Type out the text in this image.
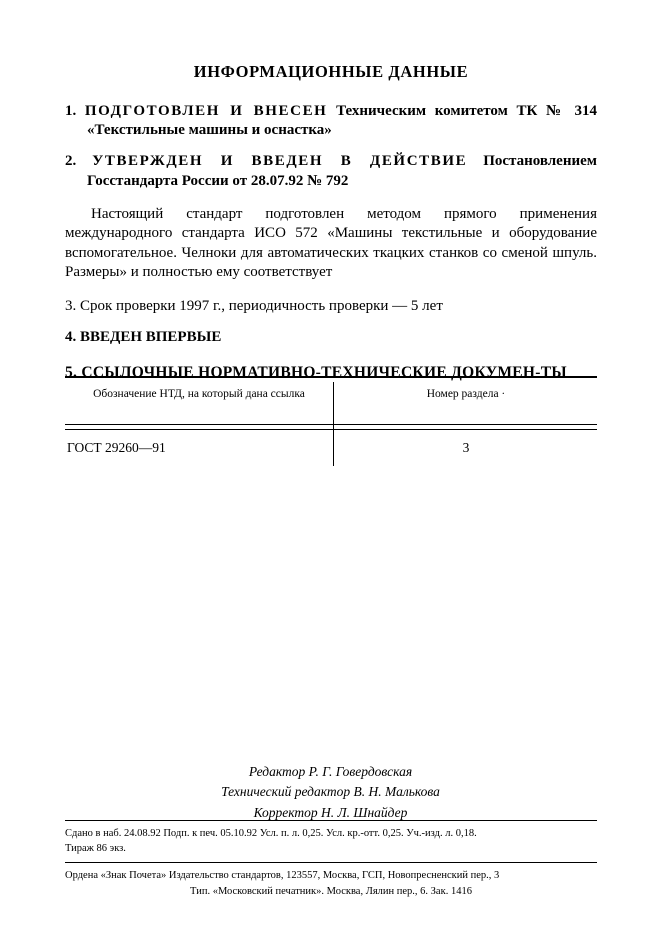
ИНФОРМАЦИОННЫЕ ДАННЫЕ
1. ПОДГОТОВЛЕН И ВНЕСЕН Техническим комитетом ТК № 314 «Текстильные машины и оснастка»
2. УТВЕРЖДЕН И ВВЕДЕН В ДЕЙСТВИЕ Постановлением Госстандарта России от 28.07.92 № 792
Настоящий стандарт подготовлен методом прямого применения международного стандарта ИСО 572 «Машины текстильные и оборудование вспомогательное. Челноки для автоматических ткацких станков со сменой шпуль. Размеры» и полностью ему соответствует
3. Срок проверки 1997 г., периодичность проверки — 5 лет
4. ВВЕДЕН ВПЕРВЫЕ
5. ССЫЛОЧНЫЕ НОРМАТИВНО-ТЕХНИЧЕСКИЕ ДОКУМЕН-ТЫ
Обозначение НТД, на который дана ссылка	Номер раздела ·
ГОСТ 29260—91	3
Редактор Р. Г. Говердовская
Технический редактор В. Н. Малькова
Корректор Н. Л. Шнайдер
Сдано в наб. 24.08.92 Подп. к печ. 05.10.92 Усл. п. л. 0,25. Усл. кр.-отт. 0,25. Уч.-изд. л. 0,18.
Тираж 86 экз.
Ордена «Знак Почета» Издательство стандартов, 123557, Москва, ГСП, Новопресненский пер., 3
Тип. «Московский печатник». Москва, Лялин пер., 6. Зак. 1416
